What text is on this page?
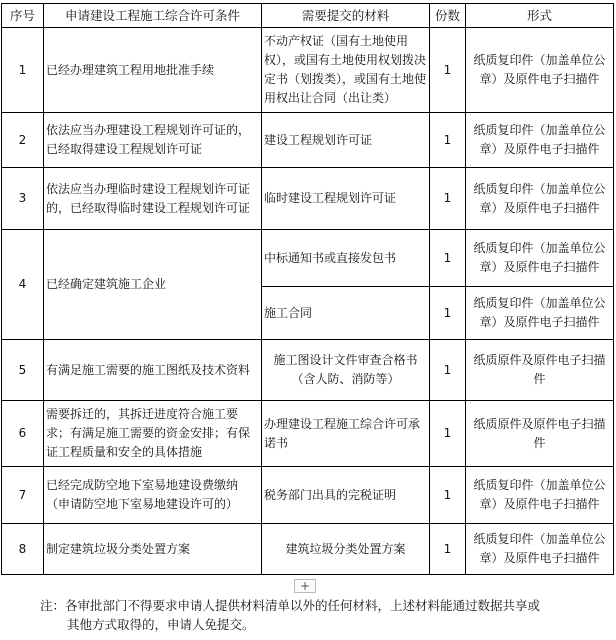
序号	申请建设工程施工综合许可条件	需要提交的材料	份数	形式
1	已经办理建筑工程用地批准手续	不动产权证（国有土地使用权），或国有土地使用权划拨决定书（划拨类），或国有土地使用权出让合同（出让类）	1	纸质复印件（加盖单位公章）及原件电子扫描件
2	依法应当办理建设工程规划许可证的，已经取得建设工程规划许可证	建设工程规划许可证	1	纸质复印件（加盖单位公章）及原件电子扫描件
3	依法应当办理临时建设工程规划许可证的，已经取得临时建设工程规划许可证	临时建设工程规划许可证	1	纸质复印件（加盖单位公章）及原件电子扫描件
4	已经确定建筑施工企业	中标通知书或直接发包书	1	纸质复印件（加盖单位公章）及原件电子扫描件
		施工合同	1	纸质复印件（加盖单位公章）及原件电子扫描件
5	有满足施工需要的施工图纸及技术资料	施工图设计文件审查合格书（含人防、消防等）	1	纸质原件及原件电子扫描件
6	需要拆迁的，其拆迁进度符合施工要求；有满足施工需要的资金安排；有保证工程质量和安全的具体措施	办理建设工程施工综合许可承诺书	1	纸质原件及原件电子扫描件
7	已经完成防空地下室易地建设费缴纳（申请防空地下室易地建设许可的）	税务部门出具的完税证明	1	纸质复印件（加盖单位公章）及原件电子扫描件
8	制定建筑垃圾分类处置方案	建筑垃圾分类处置方案	1	纸质复印件（加盖单位公章）及原件电子扫描件
+
注：各审批部门不得要求申请人提供材料清单以外的任何材料，上述材料能通过数据共享或
其他方式取得的，申请人免提交。
